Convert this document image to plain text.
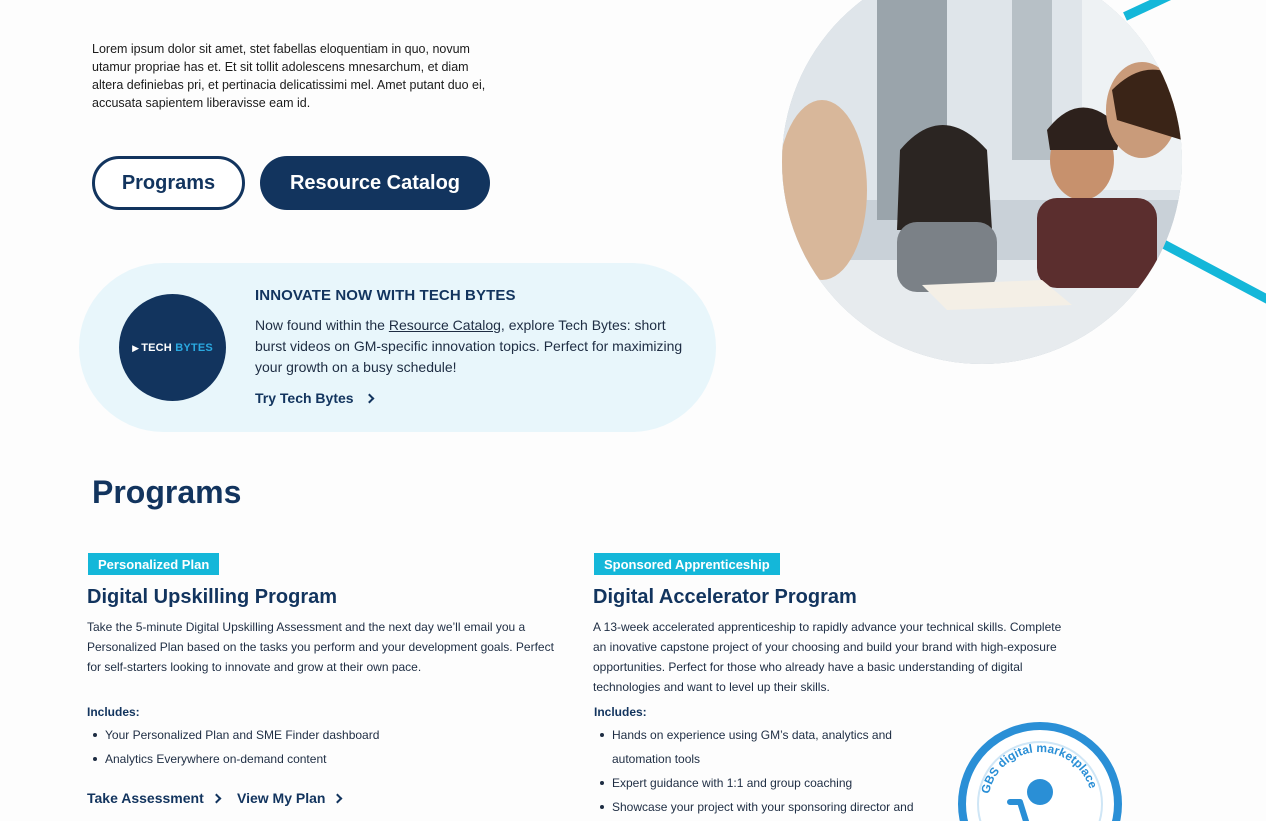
Lorem ipsum dolor sit amet, stet fabellas eloquentiam in quo, novum utamur propriae has et. Et sit tollit adolescens mnesarchum, et diam altera definiebas pri, et pertinacia delicatissimi mel. Amet putant duo ei, accusata sapientem liberavisse eam id.

Programs	Resource Catalog
▶ TECH BYTES
INNOVATE NOW WITH TECH BYTES
Now found within the Resource Catalog, explore Tech Bytes: short burst videos on GM-specific innovation topics. Perfect for maximizing your growth on a busy schedule!
Try Tech Bytes
Programs
Personalized Plan
Digital Upskilling Program

Take the 5-minute Digital Upskilling Assessment and the next day we’ll email you a Personalized Plan based on the tasks you perform and your development goals. Perfect for self-starters looking to innovate and grow at their own pace.

Includes:
Your Personalized Plan and SME Finder dashboard
Analytics Everywhere on-demand content
Take Assessment View My Plan
Sponsored Apprenticeship
Digital Accelerator Program

A 13-week accelerated apprenticeship to rapidly advance your technical skills. Complete an inovative capstone project of your choosing and build your brand with high-exposure opportunities. Perfect for those who already have a basic understanding of digital technologies and want to level up their skills.

Includes:
Hands on experience using GM’s data, analytics and automation tools
Expert guidance with 1:1 and group coaching
Showcase your project with your sponsoring director and
GBS digital marketplace
